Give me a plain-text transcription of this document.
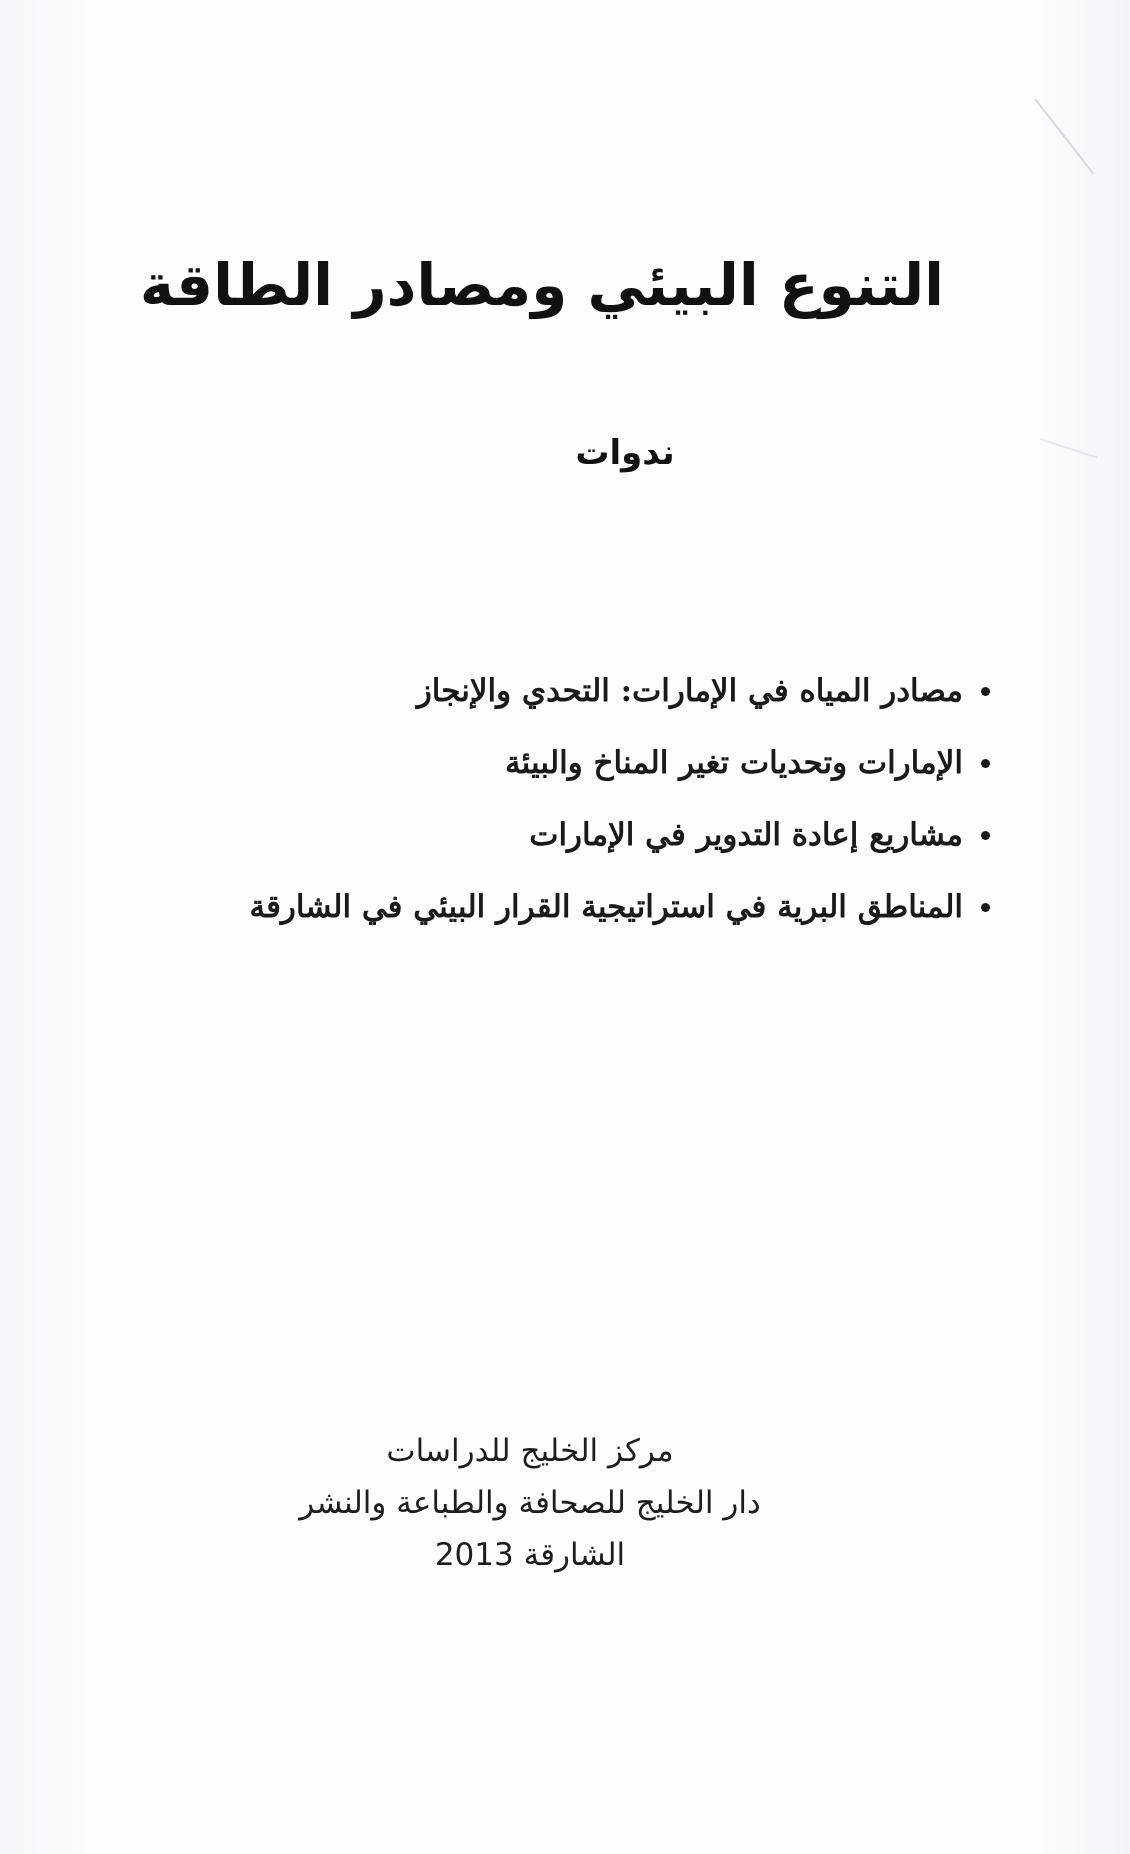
التنوع البيئي ومصادر الطاقة
ندوات
مصادر المياه في الإمارات: التحدي والإنجاز
الإمارات وتحديات تغير المناخ والبيئة
مشاريع إعادة التدوير في الإمارات
المناطق البرية في استراتيجية القرار البيئي في الشارقة
مركز الخليج للدراسات
دار الخليج للصحافة والطباعة والنشر
الشارقة 2013
